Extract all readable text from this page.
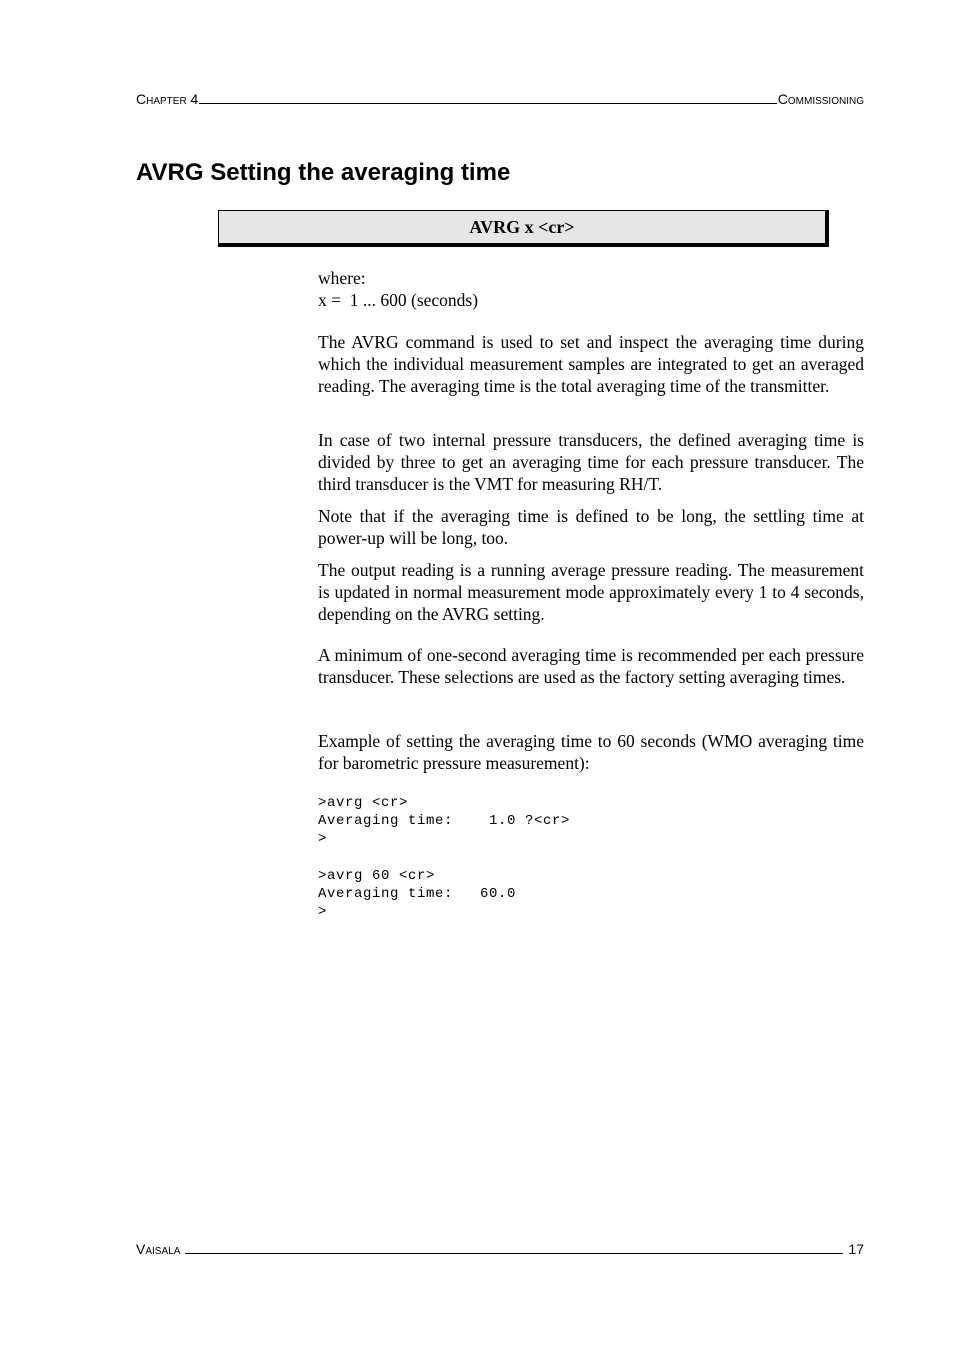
Chapter 4	Commissioning
AVRG Setting the averaging time
AVRG x <cr>
where:
x =  1 ... 600 (seconds)

The AVRG command is used to set and inspect the averaging time during which the individual measurement samples are integrated to get an averaged reading. The averaging time is the total averaging time of the transmitter.

In case of two internal pressure transducers, the defined averaging time is divided by three to get an averaging time for each pressure transducer. The third transducer is the VMT for measuring RH/T.

Note that if the averaging time is defined to be long, the settling time at power-up will be long, too.

The output reading is a running average pressure reading. The measurement is updated in normal measurement mode approximately every 1 to 4 seconds, depending on the AVRG setting.

A minimum of one-second averaging time is recommended per each pressure transducer. These selections are used as the factory setting averaging times.

Example of setting the averaging time to 60 seconds (WMO averaging time for barometric pressure measurement):

>avrg <cr>
Averaging time:    1.0 ?<cr>
>

>avrg 60 <cr>
Averaging time:   60.0
>
Vaisala	17
